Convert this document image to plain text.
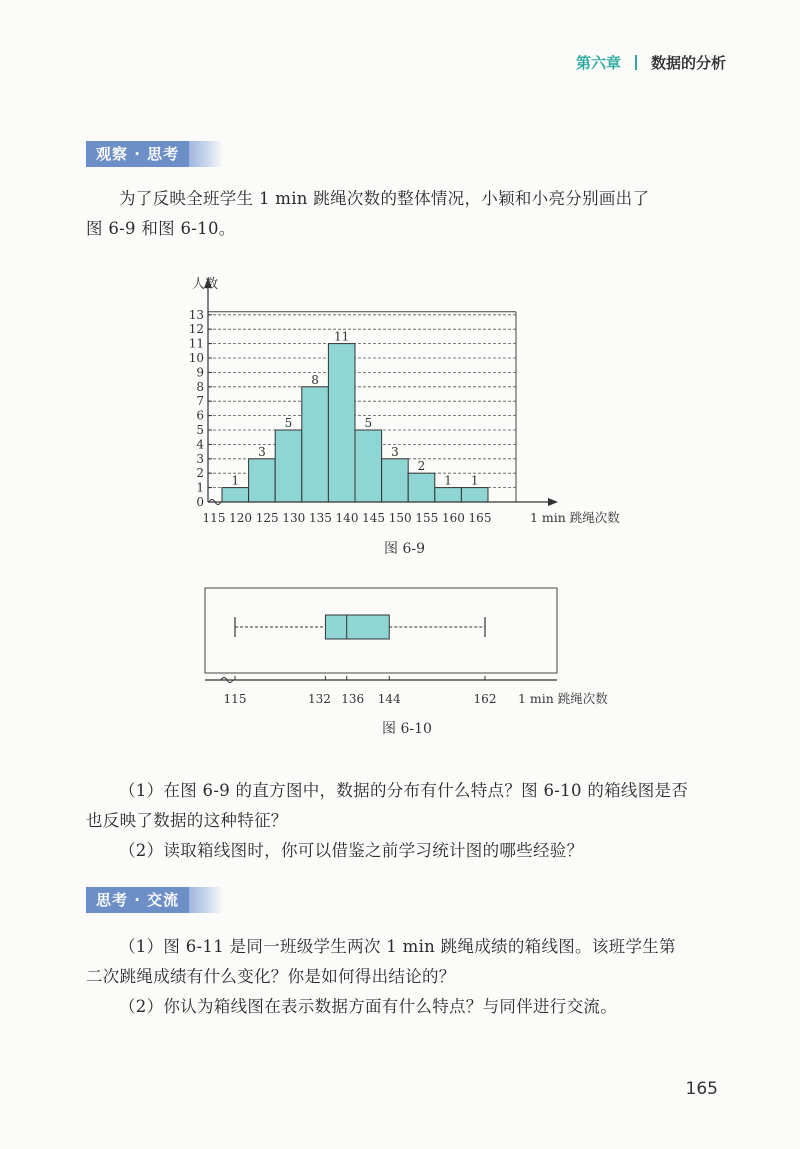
第六章 数据的分析
观察 · 思考

为了反映全班学生 1 min 跳绳次数的整体情况，小颖和小亮分别画出了

图 6-9 和图 6-10。

0
1
2
3
4
5
6
7
8
9
10
11
12
13
115 120 125 130 135 140 145 150 155 160 165
1
3
5
8
11
5
3
2
1 1
人数
1 min 跳绳次数
图 6-9
115	132 136 144	162 1 min 跳绳次数
图 6-10

（1）在图 6-9 的直方图中，数据的分布有什么特点？图 6-10 的箱线图是否

也反映了数据的这种特征？

（2）读取箱线图时，你可以借鉴之前学习统计图的哪些经验？

思考 · 交流

（1）图 6-11 是同一班级学生两次 1 min 跳绳成绩的箱线图。该班学生第

二次跳绳成绩有什么变化？你是如何得出结论的？

（2）你认为箱线图在表示数据方面有什么特点？与同伴进行交流。

165
